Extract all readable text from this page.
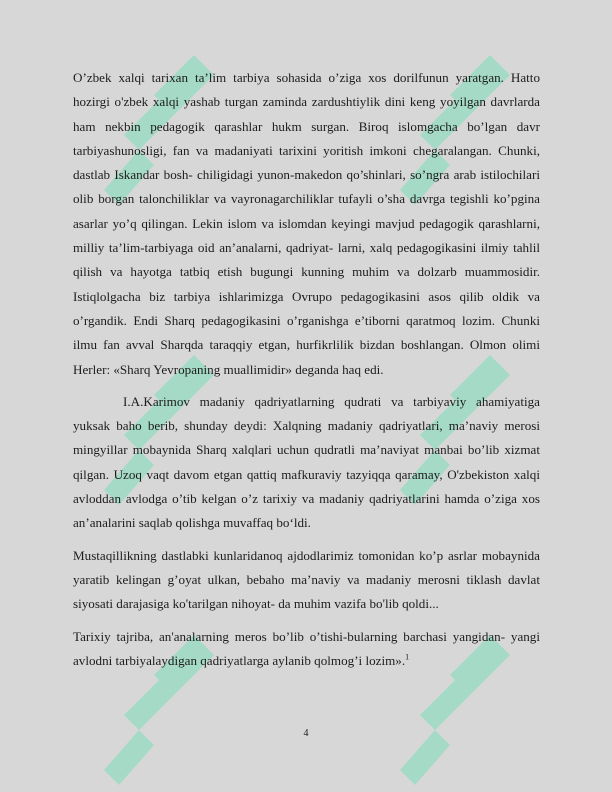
O’zbek xalqi tarixan ta’lim tarbiya sohasida o’ziga xos dorilfunun yaratgan. Hatto hozirgi o'zbek xalqi yashab turgan zaminda zardushtiylik dini keng yoyilgan davrlarda ham nekbin pedagogik qarashlar hukm surgan. Biroq islomgacha bo’lgan davr tarbiyashunosligi, fan va madaniyati tarixini yoritish imkoni chegaralangan. Chunki, dastlab Iskandar bosh- chiligidagi yunon-makedon qo’shinlari, so’ngra arab istilochilari olib borgan talonchiliklar va vayronagarchiliklar tufayli o’sha davrga tegishli ko’pgina asarlar yo’q qilingan. Lekin islom va islomdan keyingi mavjud pedagogik qarashlarni, milliy ta’lim-tarbiyaga oid an’analarni, qadriyat- larni, xalq pedagogikasini ilmiy tahlil qilish va hayotga tatbiq etish bugungi kunning muhim va dolzarb muammosidir. Istiqlolgacha biz tarbiya ishlarimizga Ovrupo pedagogikasini asos qilib oldik va o’rgandik. Endi Sharq pedagogikasini o’rganishga e’tiborni qaratmoq lozim. Chunki ilmu fan avval Sharqda taraqqiy etgan, hurfikrlilik bizdan boshlangan. Olmon olimi Herler: «Sharq Yevropaning muallimidir» deganda haq edi.

I.A.Karimov madaniy qadriyatlarning qudrati va tarbiyaviy ahamiyatiga yuksak baho berib, shunday deydi: Xalqning madaniy qadriyatlari, ma’naviy merosi mingyillar mobaynida Sharq xalqlari uchun qudratli ma’naviyat manbai bo’lib xizmat qilgan. Uzoq vaqt davom etgan qattiq mafkuraviy tazyiqqa qaramay, O'zbekiston xalqi avloddan avlodga o’tib kelgan o’z tarixiy va madaniy qadriyatlarini hamda o’ziga xos an’analarini saqlab qolishga muvaffaq bo‘ldi.

Mustaqillikning dastlabki kunlaridanoq ajdodlarimiz tomonidan ko’p asrlar mobaynida yaratib kelingan g’oyat ulkan, bebaho ma’naviy va madaniy merosni tiklash davlat siyosati darajasiga ko'tarilgan nihoyat- da muhim vazifa bo'lib qoldi...

Tarixiy tajriba, an'analarning meros bo’lib o’tishi-bularning barchasi yangidan- yangi avlodni tarbiyalaydigan qadriyatlarga aylanib qolmog’i lozim».$^1$

4
